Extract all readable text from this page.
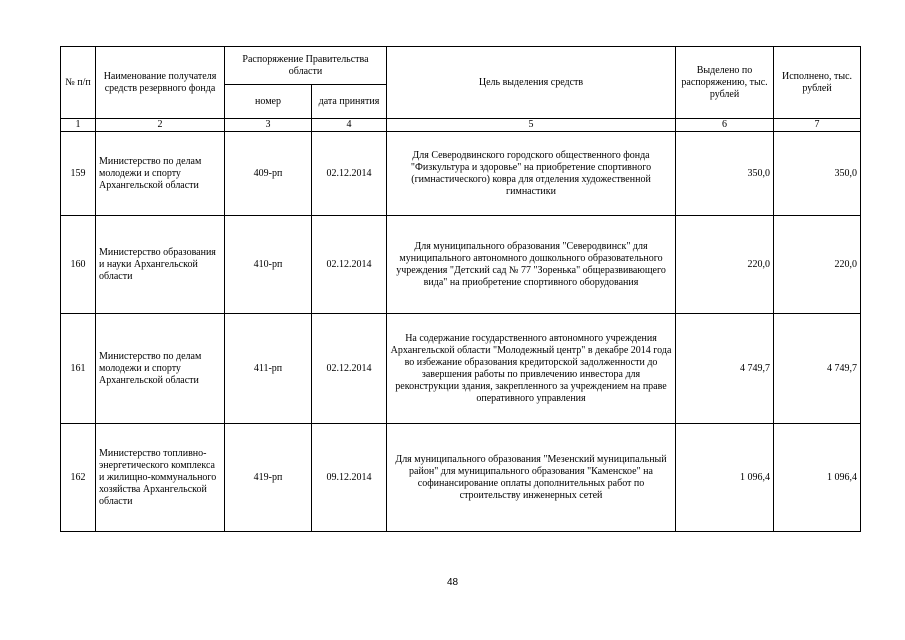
№ п/п	Наименование получателя средств резервного фонда	Распоряжение Правительства области		Цель выделения средств	Выделено по распоряжению, тыс. рублей	Исполнено, тыс. рублей
		номер	дата принятия			
1	2	3	4	5	6	7
159	Министерство по делам молодежи и спорту Архангельской области	409-рп	02.12.2014	Для Северодвинского городского общественного фонда "Физкультура и здоровье" на приобретение спортивного (гимнастического) ковра для отделения художественной гимнастики	350,0	350,0
160	Министерство образования и науки Архангельской области	410-рп	02.12.2014	Для муниципального образования "Северодвинск" для муниципального автономного дошкольного образовательного учреждения "Детский сад № 77 "Зоренька" общеразвивающего вида" на приобретение спортивного оборудования	220,0	220,0
161	Министерство по делам молодежи и спорту Архангельской области	411-рп	02.12.2014	На содержание государственного автономного учреждения Архангельской области "Молодежный центр" в декабре 2014 года во избежание образования кредиторской задолженности до завершения работы по привлечению инвестора для реконструкции здания, закрепленного за учреждением на праве оперативного управления	4 749,7	4 749,7
162	Министерство топливно-энергетического комплекса и жилищно-коммунального хозяйства Архангельской области	419-рп	09.12.2014	Для муниципального образования "Мезенский муниципальный район" для муниципального образования "Каменское" на софинансирование оплаты дополнительных работ по строительству инженерных сетей	1 096,4	1 096,4
48
